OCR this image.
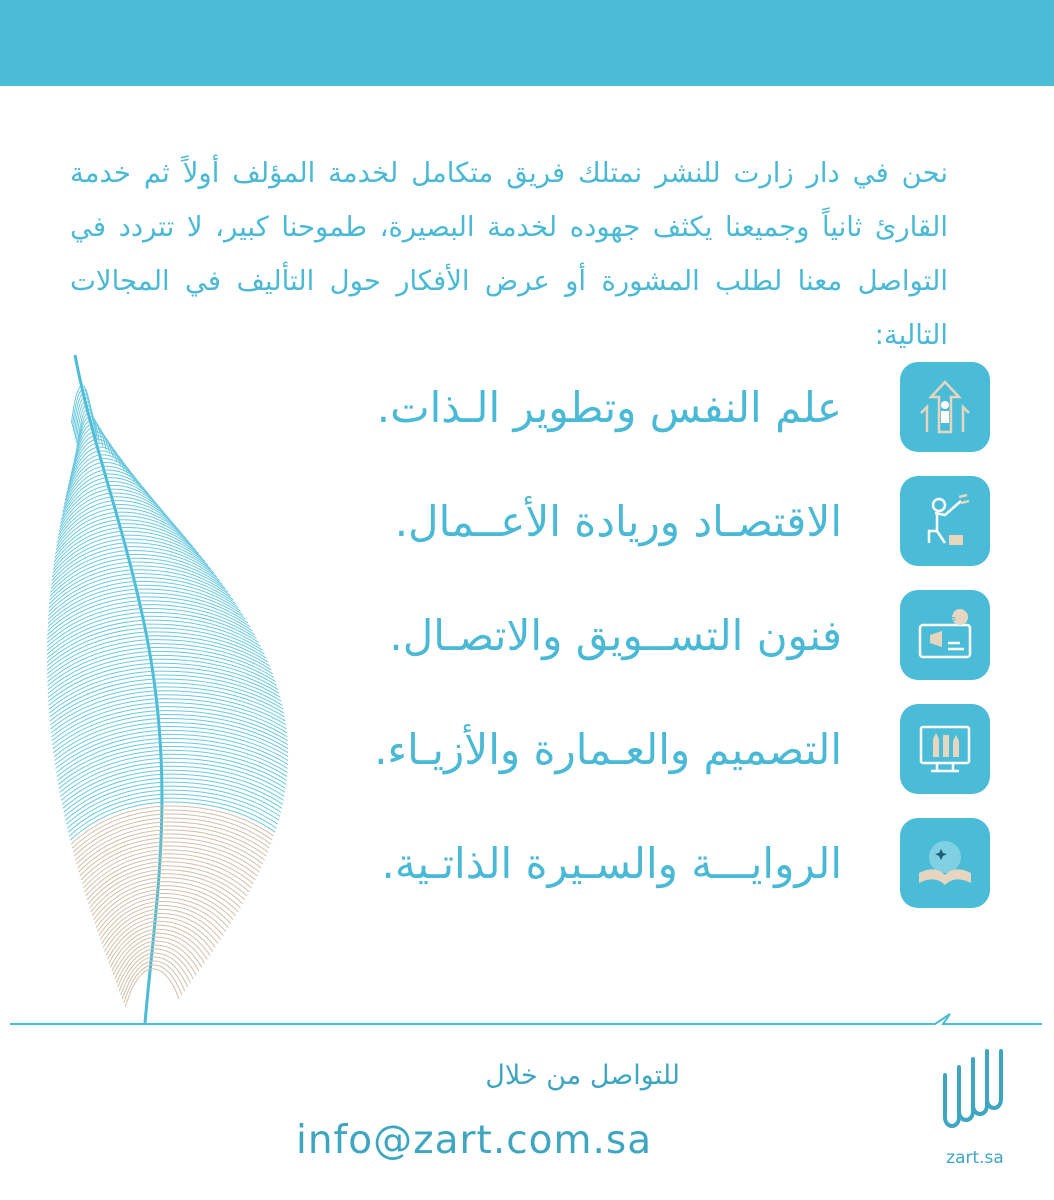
نحن في دار زارت للنشر نمتلك فريق متكامل لخدمة المؤلف أولاً ثم خدمة القارئ ثانياً وجميعنا يكثف جهوده لخدمة البصيرة، طموحنا كبير، لا تتردد في التواصل معنا لطلب المشورة أو عرض الأفكار حول التأليف في المجالات التالية:

علم النفس وتطوير الـذات.
الاقتصـاد وريادة الأعــمال.
%
فنون التســويق والاتصـال.
التصميم والعـمارة والأزيـاء.
الروايـــة والسـيرة الذاتـية.
للتواصل من خلال
info@zart.com.sa	zart.sa
